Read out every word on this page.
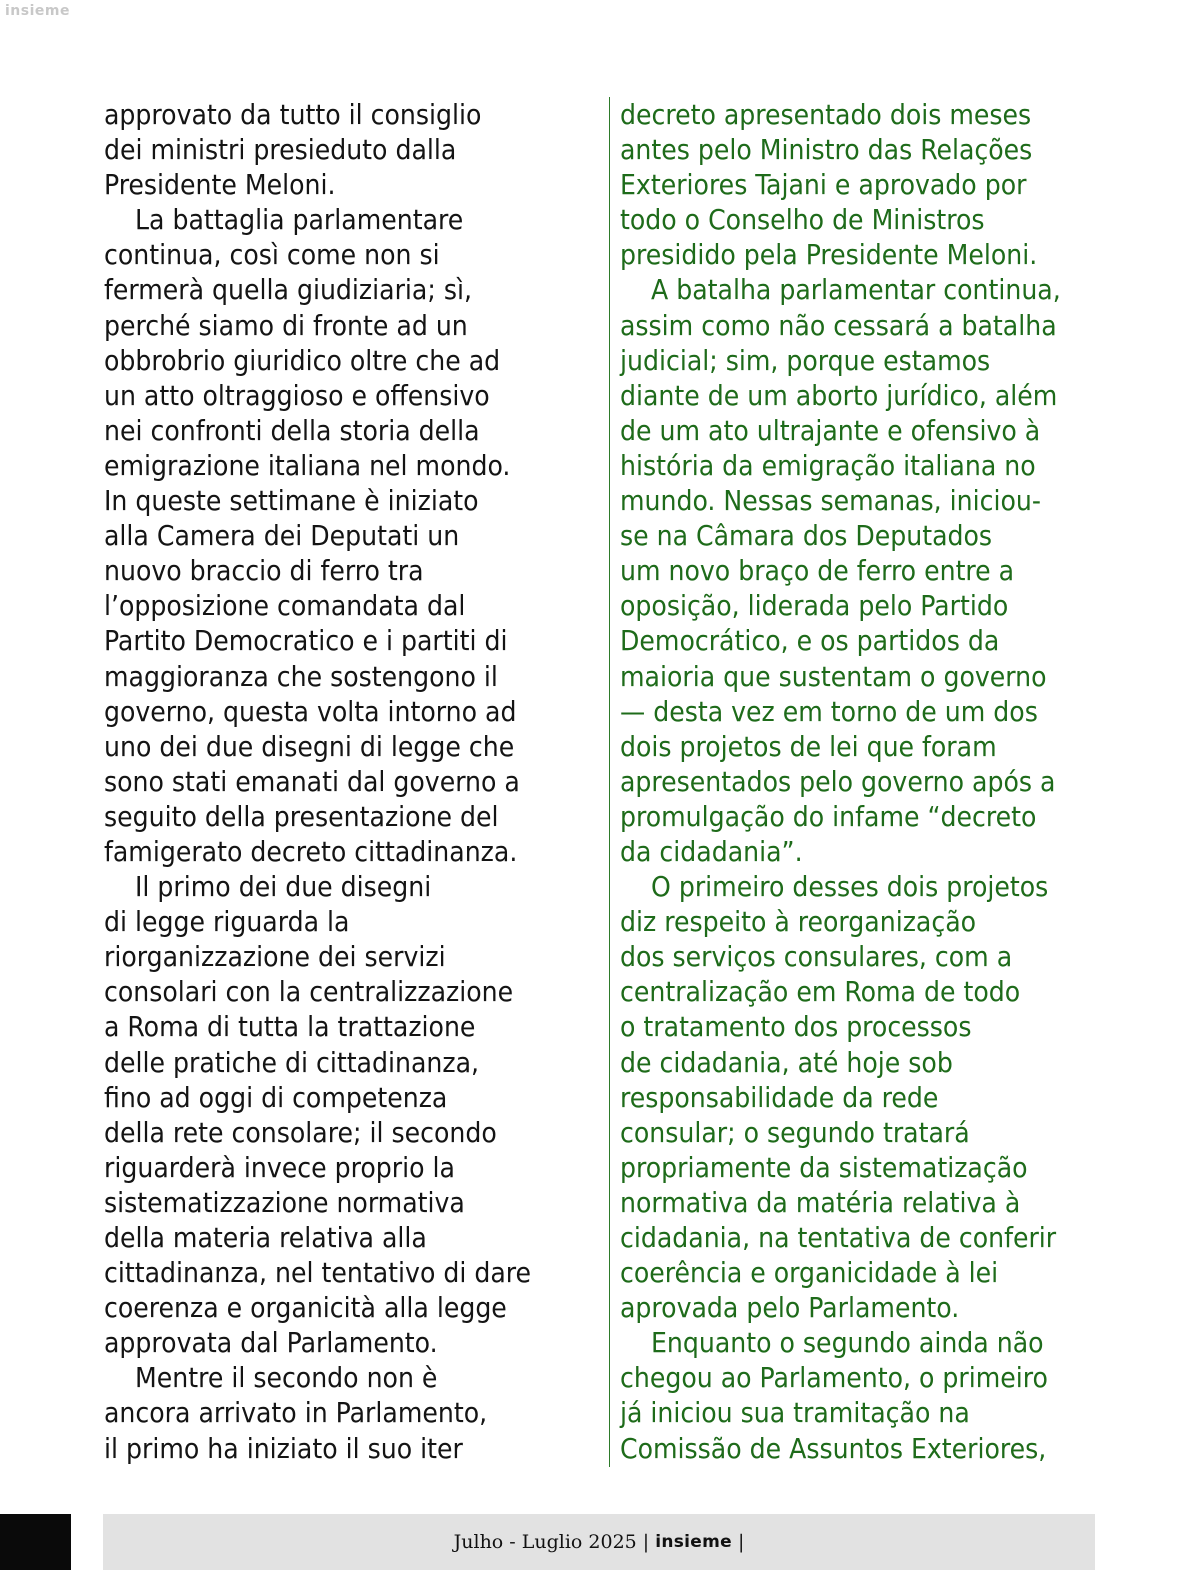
insieme

approvato da tutto il consiglio

dei ministri presieduto dalla

Presidente Meloni.

La battaglia parlamentare

continua, così come non si

fermerà quella giudiziaria; sì,

perché siamo di fronte ad un

obbrobrio giuridico oltre che ad

un atto oltraggioso e offensivo

nei confronti della storia della

emigrazione italiana nel mondo.

In queste settimane è iniziato

alla Camera dei Deputati un

nuovo braccio di ferro tra

l’opposizione comandata dal

Partito Democratico e i partiti di

maggioranza che sostengono il

governo, questa volta intorno ad

uno dei due disegni di legge che

sono stati emanati dal governo a

seguito della presentazione del

famigerato decreto cittadinanza.

Il primo dei due disegni

di legge riguarda la

riorganizzazione dei servizi

consolari con la centralizzazione

a Roma di tutta la trattazione

delle pratiche di cittadinanza,

fino ad oggi di competenza

della rete consolare; il secondo

riguarderà invece proprio la

sistematizzazione normativa

della materia relativa alla

cittadinanza, nel tentativo di dare

coerenza e organicità alla legge

approvata dal Parlamento.

Mentre il secondo non è

ancora arrivato in Parlamento,

il primo ha iniziato il suo iter

decreto apresentado dois meses

antes pelo Ministro das Relações

Exteriores Tajani e aprovado por

todo o Conselho de Ministros

presidido pela Presidente Meloni.

A batalha parlamentar continua,

assim como não cessará a batalha

judicial; sim, porque estamos

diante de um aborto jurídico, além

de um ato ultrajante e ofensivo à

história da emigração italiana no

mundo. Nessas semanas, iniciou-

se na Câmara dos Deputados

um novo braço de ferro entre a

oposição, liderada pelo Partido

Democrático, e os partidos da

maioria que sustentam o governo

— desta vez em torno de um dos

dois projetos de lei que foram

apresentados pelo governo após a

promulgação do infame “decreto

da cidadania”.

O primeiro desses dois projetos

diz respeito à reorganização

dos serviços consulares, com a

centralização em Roma de todo

o tratamento dos processos

de cidadania, até hoje sob

responsabilidade da rede

consular; o segundo tratará

propriamente da sistematização

normativa da matéria relativa à

cidadania, na tentativa de conferir

coerência e organicidade à lei

aprovada pelo Parlamento.

Enquanto o segundo ainda não

chegou ao Parlamento, o primeiro

já iniciou sua tramitação na

Comissão de Assuntos Exteriores,

Julho - Luglio 2025 | insieme |
